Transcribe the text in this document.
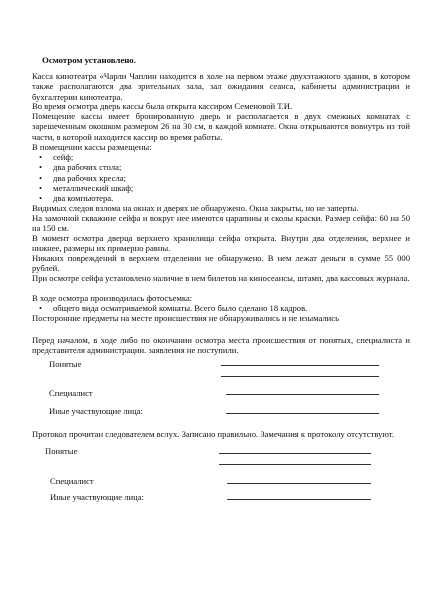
Осмотром установлено.
Касса кинотеатра «Чарли Чаплин находится в холе на первом этаже двухэтажного здания, в котором также располагаются два зрительных зала, зал ожидания сеанса, кабинеты администрации и бухгалтерии кинотеатра.
Во время осмотра дверь кассы была открыта кассиром Семеновой Т.И.
Помещение кассы имеет бронированную дверь и располагается в двух смежных комнатах с зарешеченным окошком размером 26 на 30 см, в каждой комнате. Окна открываются вовнутрь из той части, в которой находится кассир во время работы.
В помещении кассы размещены:
• сейф;
• два рабочих стола;
• два рабочих кресла;
• металлический шкаф;
• два компьютера.
Видимых следов взлома на окнах и дверях не обнаружено. Окна закрыты, но не заперты.
На замочной скважине сейфа и вокруг нее имеются царапины и сколы краски. Размер сейфа: 60 на 50 на 150 см.
В момент осмотра дверца верхнего хранилища сейфа открыта. Внутри два отделения, верхнее и нижнее, размеры их примерно равны.
Никаких повреждений в верхнем отделении не обнаружено. В нем лежат деньги в сумме 55 000 рублей.
При осмотре сейфа установлено наличие в нем билетов на киносеансы, штамп, два кассовых журнала.
В ходе осмотра производилась фотосъемка:
• общего вида осматриваемой комнаты. Всего было сделано 18 кадров.
Посторонние предметы на месте происшествия не обнаруживались и не изымались
Перед началом, в ходе либо по окончании осмотра места происшествия от понятых, специалиста и представителя администрации. заявления не поступили.
Понятые
Специалист
Иные участвующие лица:
Протокол прочитан следователем вслух. Записано правильно. Замечания к протоколу отсутствуют.
Понятые
Специалист
Иные участвующие лица:
